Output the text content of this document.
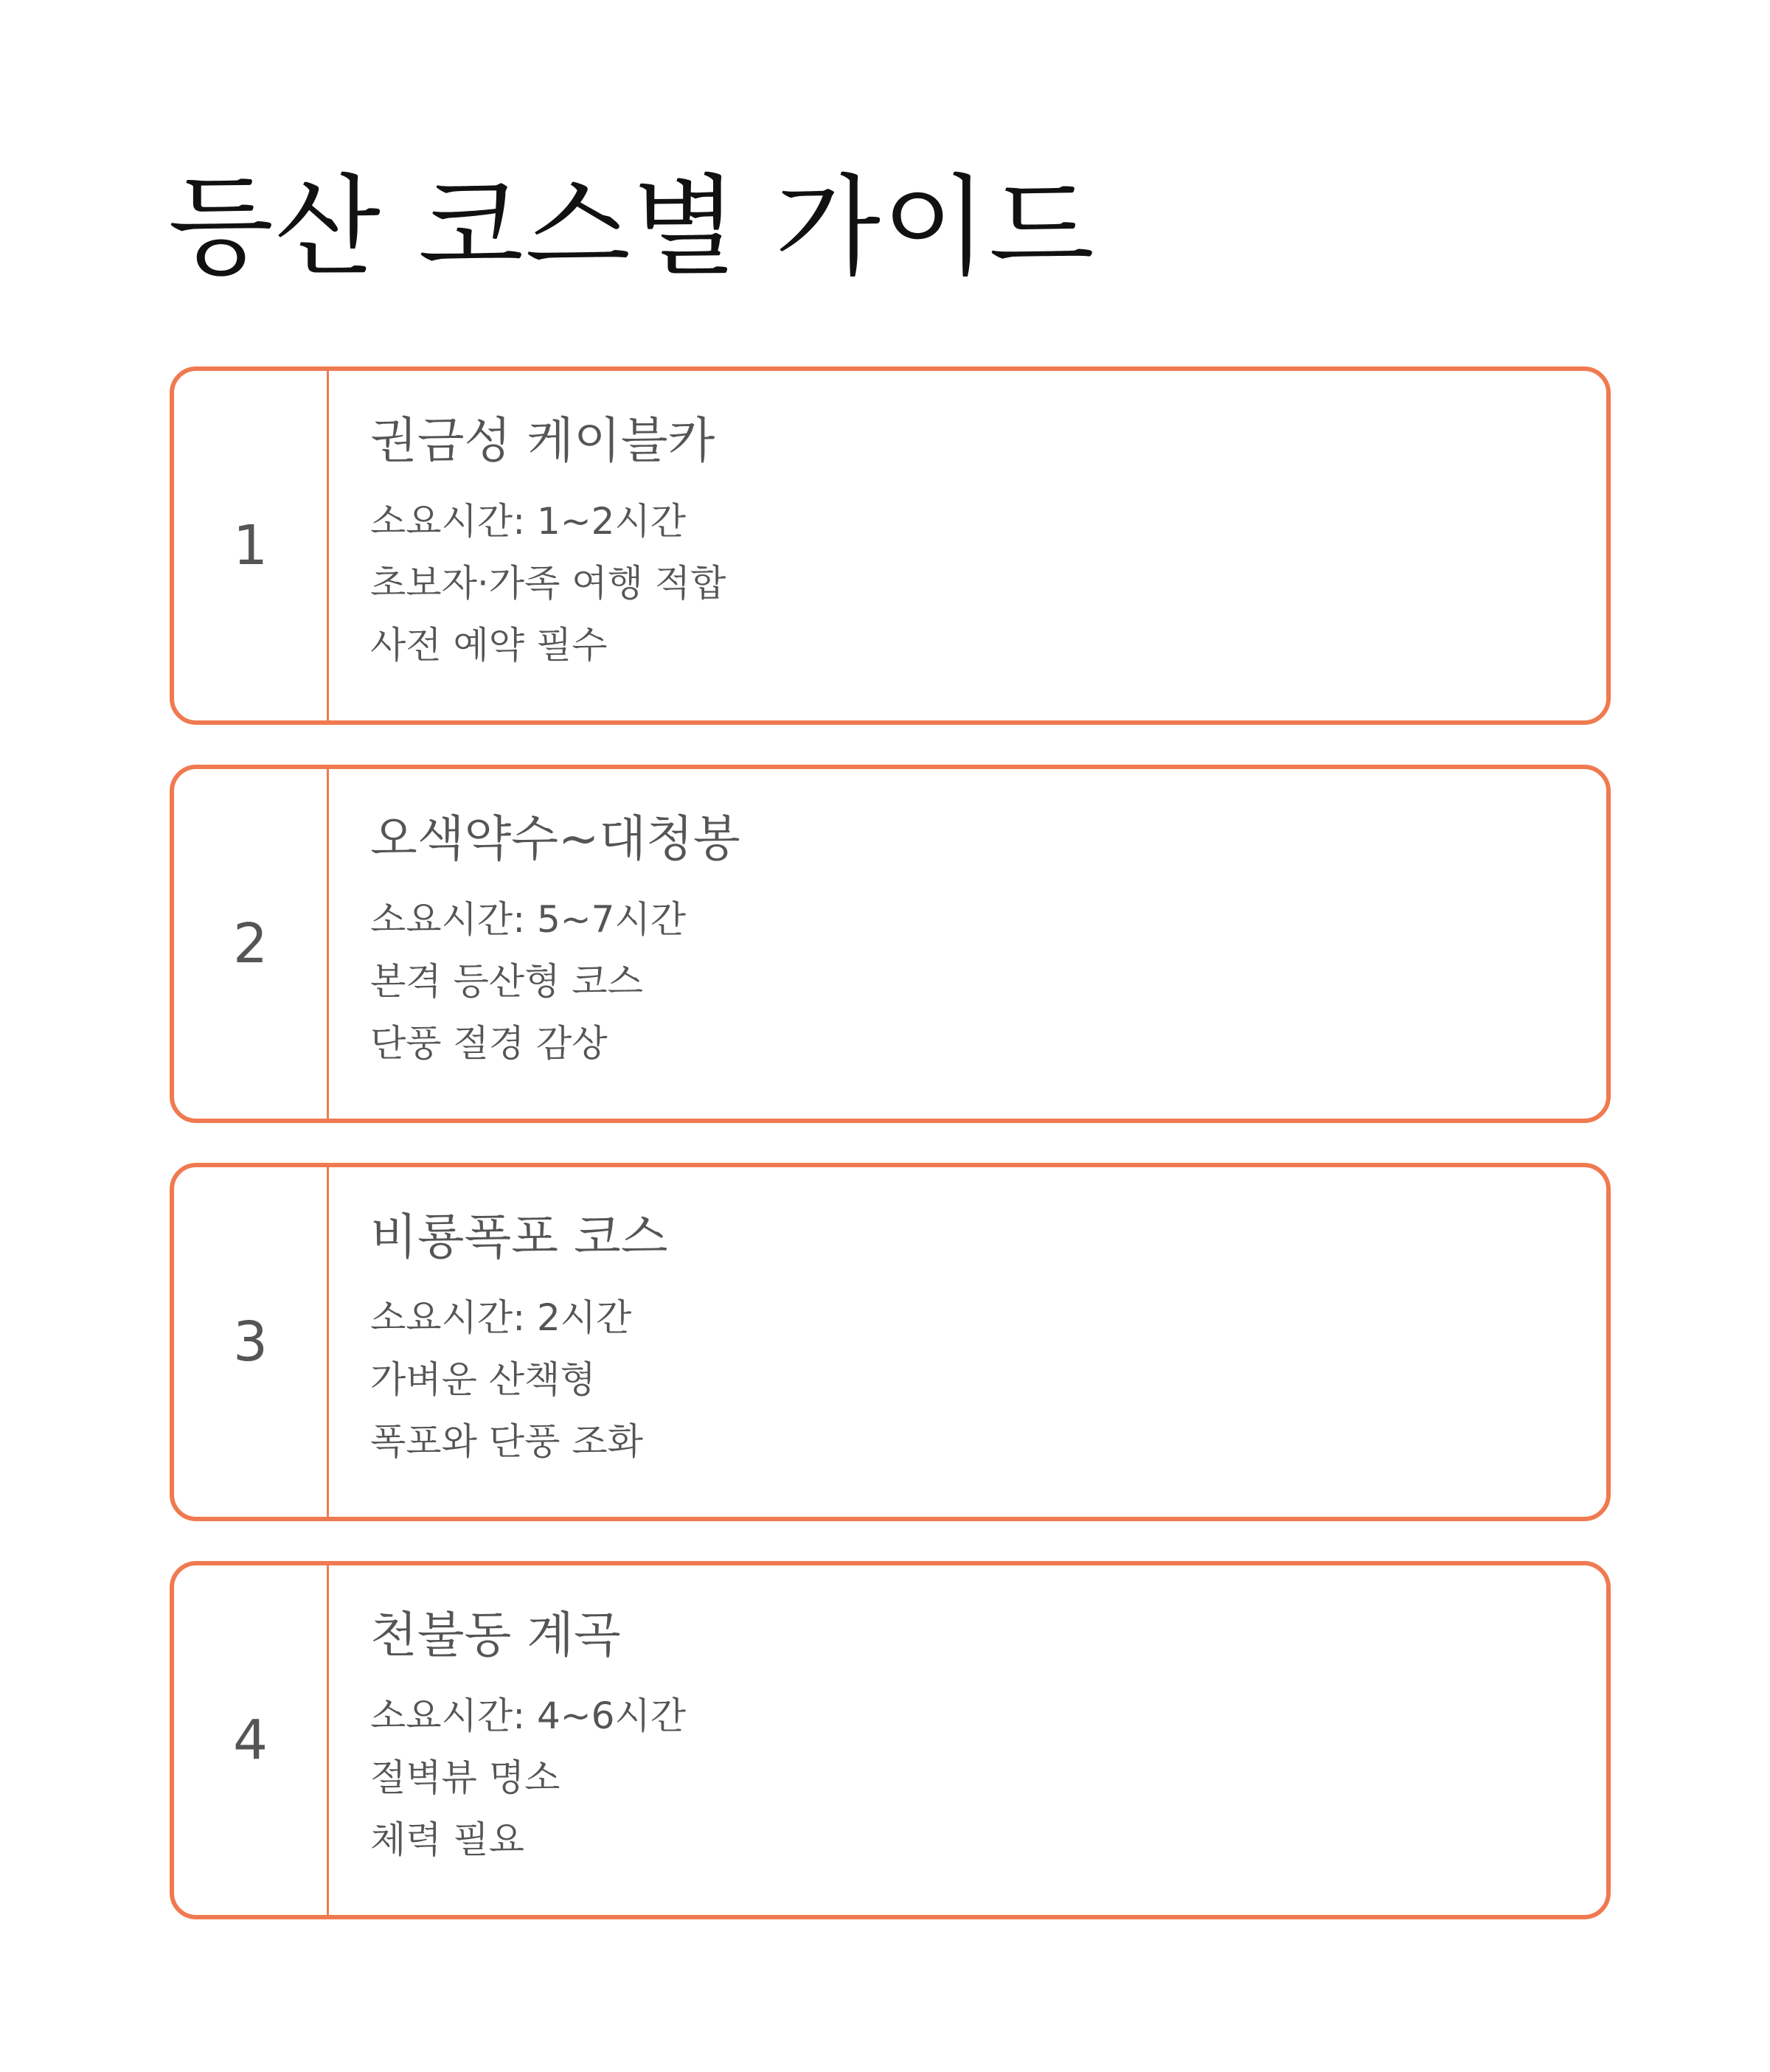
등산 코스별 가이드
1
권금성 케이블카
소요시간: 1~2시간
초보자·가족 여행 적합
사전 예약 필수
2
오색약수~대청봉
소요시간: 5~7시간
본격 등산형 코스
단풍 절경 감상
3
비룡폭포 코스
소요시간: 2시간
가벼운 산책형
폭포와 단풍 조화
4
천불동 계곡
소요시간: 4~6시간
절벽뷰 명소
체력 필요
